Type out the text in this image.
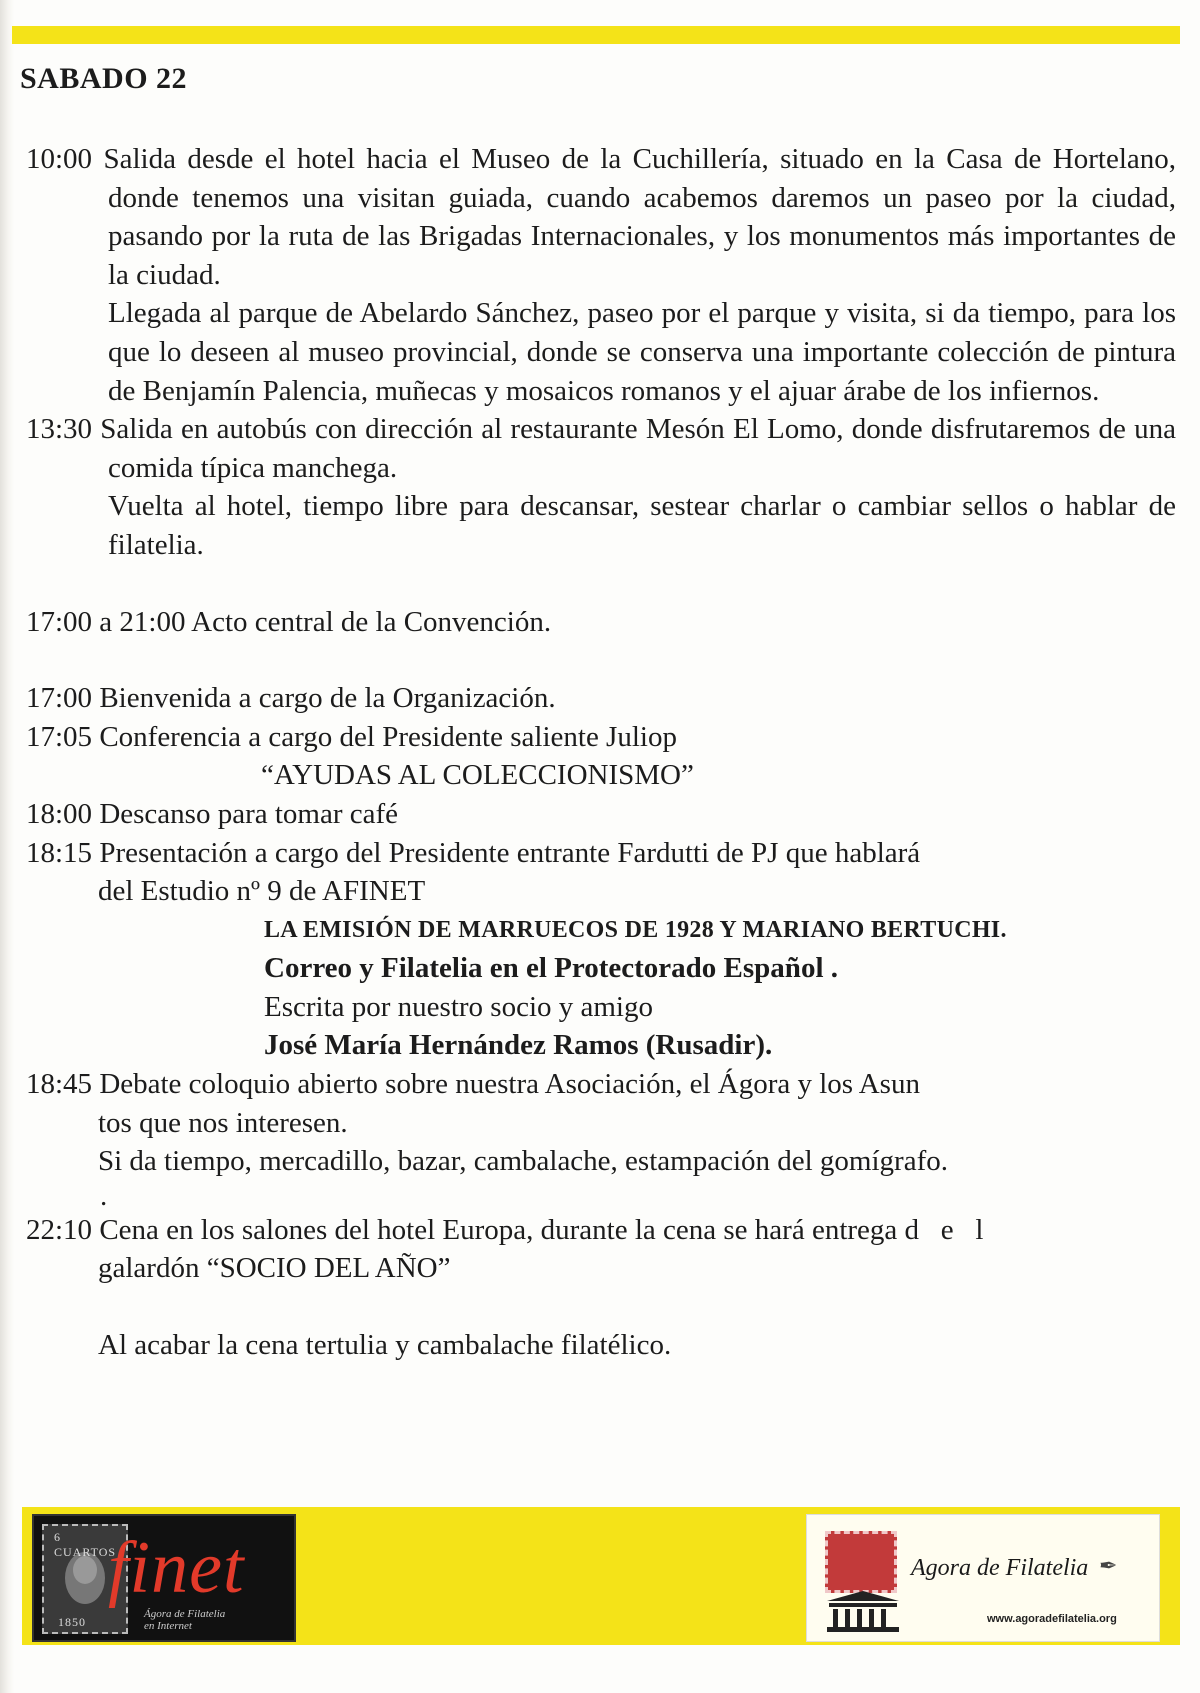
SABADO 22

10:00 Salida desde el hotel hacia el Museo de la Cuchillería, situado en la Casa de Hortelano, donde tenemos una visitan guiada, cuando acabemos daremos un paseo por la ciudad, pasando por la ruta de las Brigadas Internacionales, y los monumentos más importantes de la ciudad.

Llegada al parque de Abelardo Sánchez, paseo por el parque y visita, si da tiempo, para los que lo deseen al museo provincial, donde se conserva una importante colección de pintura de Benjamín Palencia, muñecas y mosaicos romanos y el ajuar árabe de los infiernos.

13:30 Salida en autobús con dirección al restaurante Mesón El Lomo, donde disfrutaremos de una comida típica manchega.

Vuelta al hotel, tiempo libre para descansar, sestear charlar o cambiar sellos o hablar de filatelia.

17:00 a 21:00 Acto central de la Convención.

17:00 Bienvenida a cargo de la Organización.

17:05 Conferencia a cargo del Presidente saliente Juliop

“AYUDAS AL COLECCIONISMO”

18:00 Descanso para tomar café

18:15 Presentación a cargo del Presidente entrante Fardutti de PJ que hablará

del Estudio nº 9 de AFINET

LA EMISIÓN DE MARRUECOS DE 1928 Y MARIANO BERTUCHI.

Correo y Filatelia en el Protectorado Español .

Escrita por nuestro socio y amigo

José María Hernández Ramos (Rusadir).

18:45 Debate coloquio abierto sobre nuestra Asociación, el Ágora y los Asun

tos que nos interesen.

Si da tiempo, mercadillo, bazar, cambalache, estampación del gomígrafo.

.

22:10 Cena en los salones del hotel Europa, durante la cena se hará entrega d   e   l

galardón “SOCIO DEL AÑO”

Al acabar la cena tertulia y cambalache filatélico.

6 CUARTOS
1850
finet
Ágora de Filatelia
en Internet
Agora de Filatelia ✒
www.agoradefilatelia.org
